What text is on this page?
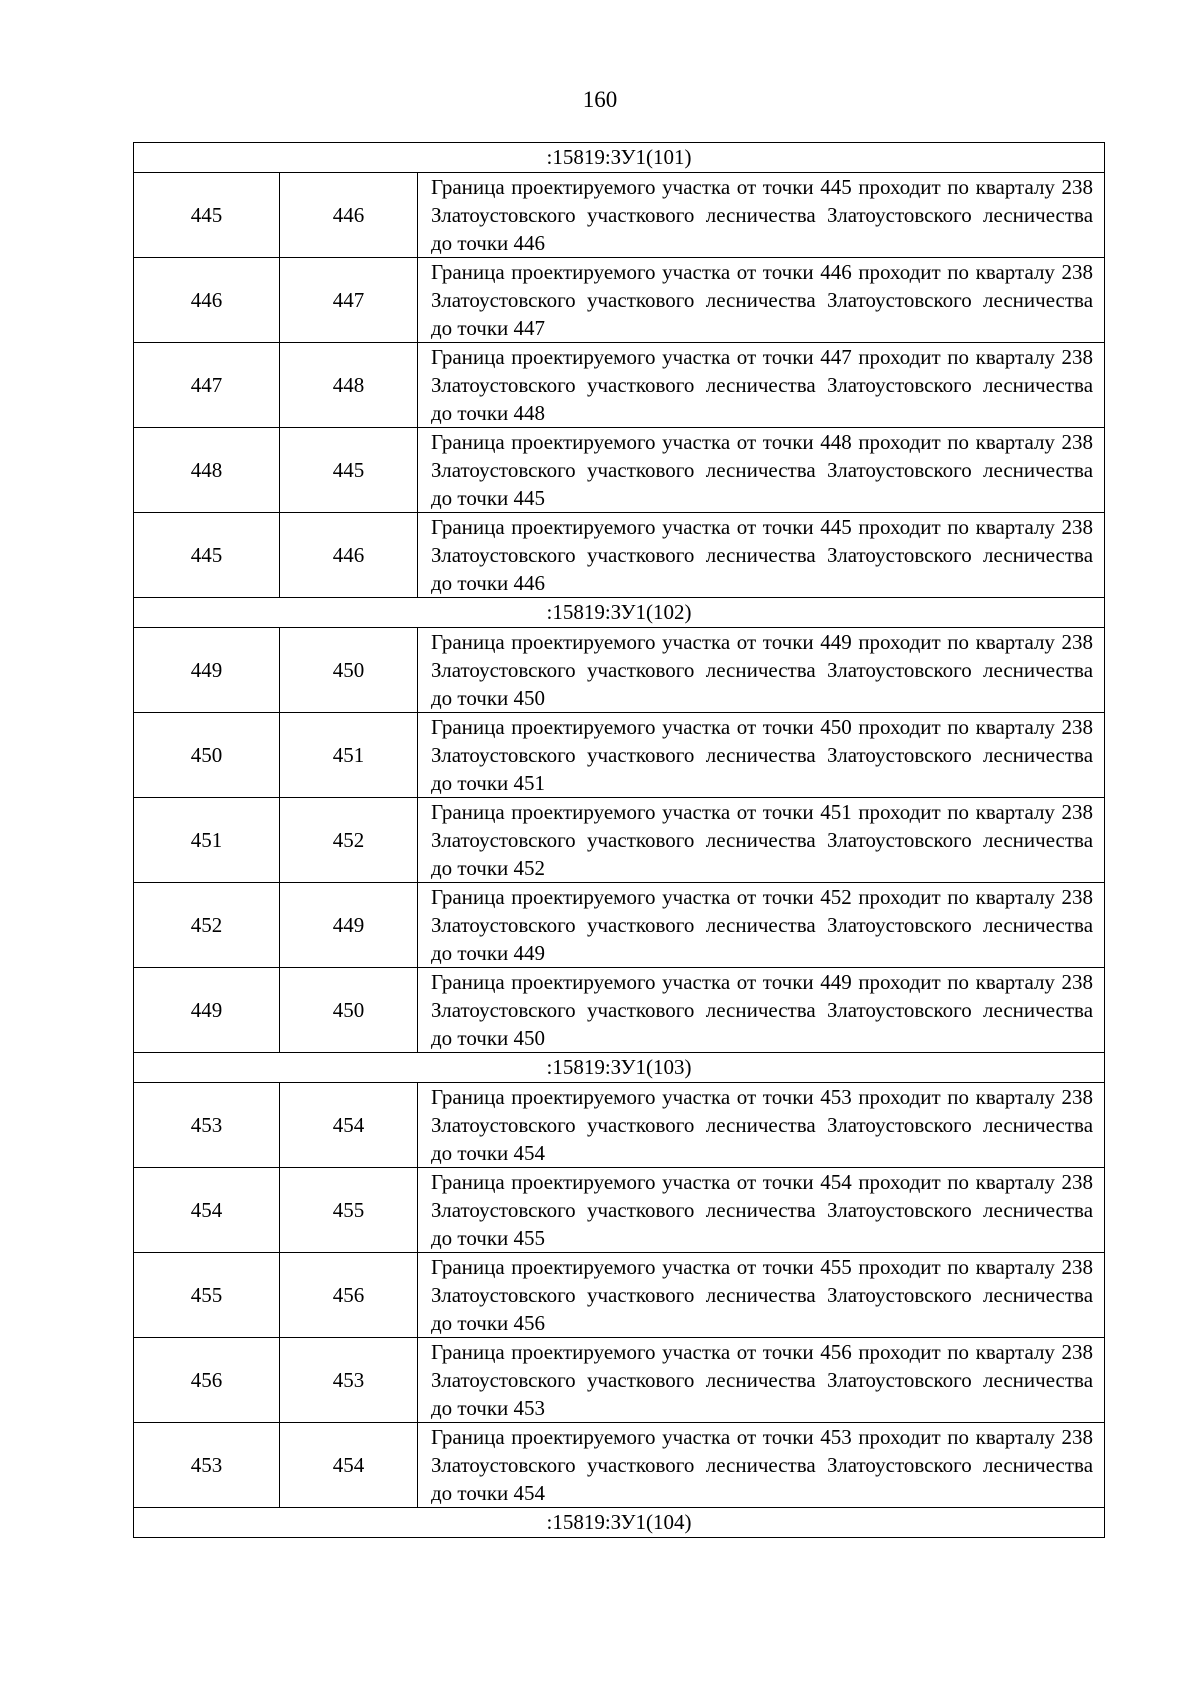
160
:15819:ЗУ1(101)		
445	446	Граница проектируемого участка от точки 445 проходит по кварталу 238 Златоустовского участкового лесничества Златоустовского лесничества до точки 446
446	447	Граница проектируемого участка от точки 446 проходит по кварталу 238 Златоустовского участкового лесничества Златоустовского лесничества до точки 447
447	448	Граница проектируемого участка от точки 447 проходит по кварталу 238 Златоустовского участкового лесничества Златоустовского лесничества до точки 448
448	445	Граница проектируемого участка от точки 448 проходит по кварталу 238 Златоустовского участкового лесничества Златоустовского лесничества до точки 445
445	446	Граница проектируемого участка от точки 445 проходит по кварталу 238 Златоустовского участкового лесничества Златоустовского лесничества до точки 446
:15819:ЗУ1(102)		
449	450	Граница проектируемого участка от точки 449 проходит по кварталу 238 Златоустовского участкового лесничества Златоустовского лесничества до точки 450
450	451	Граница проектируемого участка от точки 450 проходит по кварталу 238 Златоустовского участкового лесничества Златоустовского лесничества до точки 451
451	452	Граница проектируемого участка от точки 451 проходит по кварталу 238 Златоустовского участкового лесничества Златоустовского лесничества до точки 452
452	449	Граница проектируемого участка от точки 452 проходит по кварталу 238 Златоустовского участкового лесничества Златоустовского лесничества до точки 449
449	450	Граница проектируемого участка от точки 449 проходит по кварталу 238 Златоустовского участкового лесничества Златоустовского лесничества до точки 450
:15819:ЗУ1(103)		
453	454	Граница проектируемого участка от точки 453 проходит по кварталу 238 Златоустовского участкового лесничества Златоустовского лесничества до точки 454
454	455	Граница проектируемого участка от точки 454 проходит по кварталу 238 Златоустовского участкового лесничества Златоустовского лесничества до точки 455
455	456	Граница проектируемого участка от точки 455 проходит по кварталу 238 Златоустовского участкового лесничества Златоустовского лесничества до точки 456
456	453	Граница проектируемого участка от точки 456 проходит по кварталу 238 Златоустовского участкового лесничества Златоустовского лесничества до точки 453
453	454	Граница проектируемого участка от точки 453 проходит по кварталу 238 Златоустовского участкового лесничества Златоустовского лесничества до точки 454
:15819:ЗУ1(104)		
